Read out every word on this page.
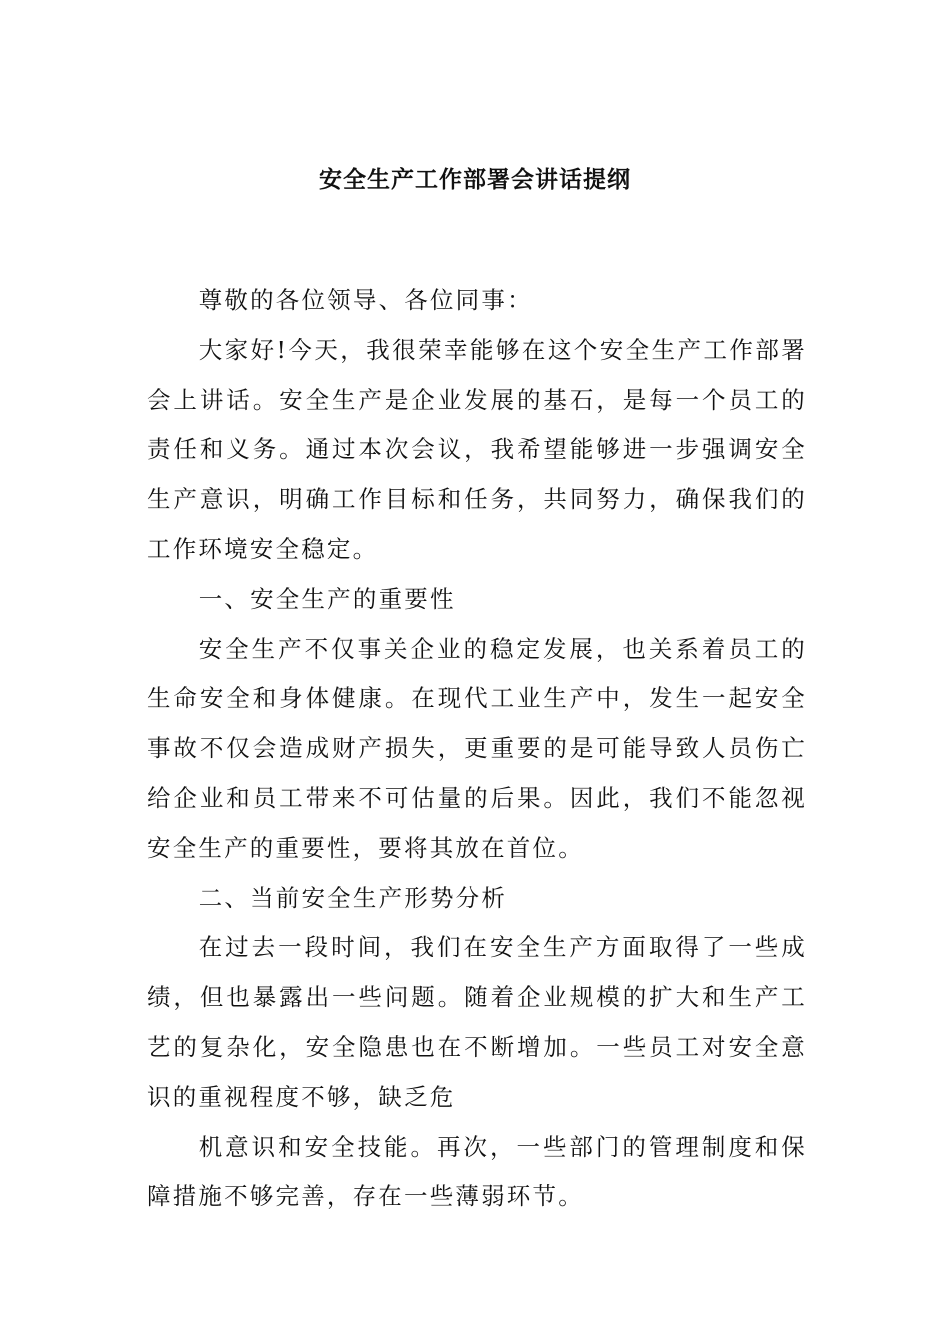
安全生产工作部署会讲话提纲

尊敬的各位领导、各位同事：

大家好!今天，我很荣幸能够在这个安全生产工作部署会上讲话。安全生产是企业发展的基石，是每一个员工的责任和义务。通过本次会议，我希望能够进一步强调安全生产意识，明确工作目标和任务，共同努力，确保我们的工作环境安全稳定。

一、安全生产的重要性

安全生产不仅事关企业的稳定发展，也关系着员工的生命安全和身体健康。在现代工业生产中，发生一起安全事故不仅会造成财产损失，更重要的是可能导致人员伤亡给企业和员工带来不可估量的后果。因此，我们不能忽视安全生产的重要性，要将其放在首位。

二、当前安全生产形势分析

在过去一段时间，我们在安全生产方面取得了一些成绩，但也暴露出一些问题。随着企业规模的扩大和生产工艺的复杂化，安全隐患也在不断增加。一些员工对安全意识的重视程度不够，缺乏危

机意识和安全技能。再次，一些部门的管理制度和保障措施不够完善，存在一些薄弱环节。
